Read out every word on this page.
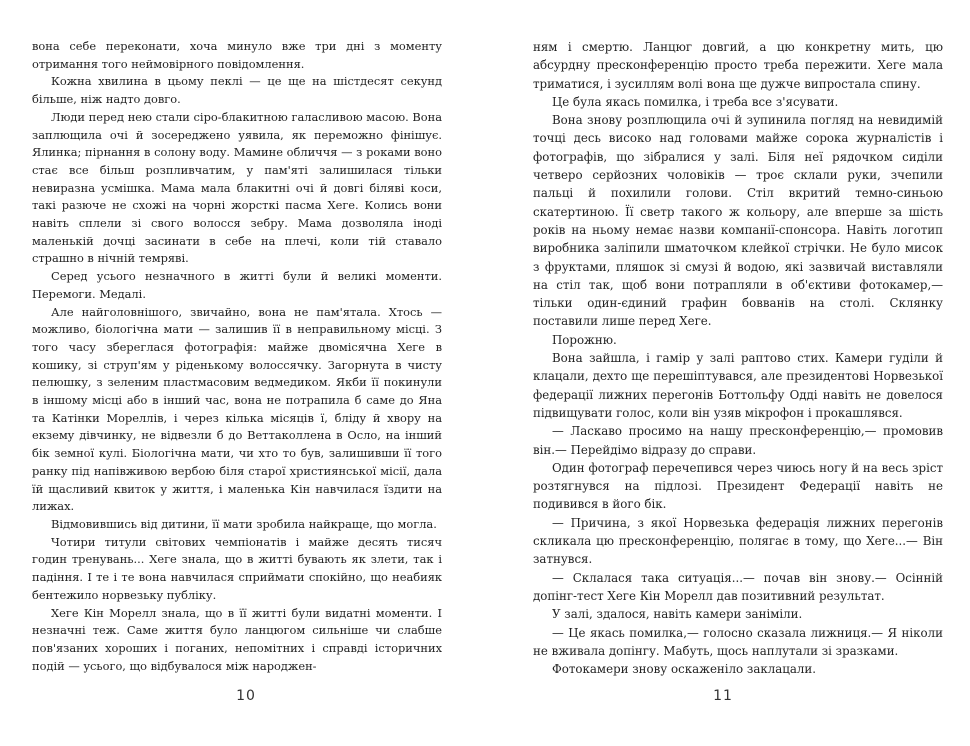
вона себе переконати, хоча минуло вже три дні з моменту отримання того неймовірного повідомлення.

Кожна хвилина в цьому пеклі — це ще на шістдесят секунд більше, ніж надто довго.

Люди перед нею стали сіро-блакитною галасливою масою. Вона заплющила очі й зосереджено уявила, як переможно фінішує. Ялинка; пірнання в солону воду. Мамине обличчя — з роками воно стає все більш розпливчатим, у пам'яті залишилася тільки невиразна усмішка. Мама мала блакитні очі й довгі біляві коси, такі разюче не схожі на чорні жорсткі пасма Хеге. Колись вони навіть сплели зі свого волосся зебру. Мама дозволяла іноді маленькій дочці засинати в себе на плечі, коли тій ставало страшно в нічній темряві.

Серед усього незначного в житті були й великі моменти. Перемоги. Медалі.

Але найголовнішого, звичайно, вона не пам'ятала. Хтось — можливо, біологічна мати — залишив її в неправильному місці. З того часу збереглася фотографія: майже двомісячна Хеге в кошику, зі струп'ям у ріденькому волоссячку. Загорнута в чисту пелюшку, з зеленим пластмасовим ведмедиком. Якби її покинули в іншому місці або в інший час, вона не потрапила б саме до Яна та Катінки Мореллів, і через кілька місяців ї, бліду й хвору на екзему дівчинку, не відвезли б до Веттаколлена в Осло, на інший бік земної кулі. Біологічна мати, чи хто то був, залишивши її того ранку під напівживою вербою біля старої християнської місії, дала їй щасливий квиток у життя, і маленька Кін навчилася їздити на лижах.

Відмовившись від дитини, її мати зробила найкраще, що могла.

Чотири титули світових чемпіонатів і майже десять тисяч годин тренувань... Хеге знала, що в житті бувають як злети, так і падіння. І те і те вона навчилася сприймати спокійно, що неабияк бентежило норвезьку публіку.

Хеге Кін Морелл знала, що в її житті були видатні моменти. І незначні теж. Саме життя було ланцюгом сильніше чи слабше пов'язаних хороших і поганих, непомітних і справді історичних подій — усього, що відбувалося між народжен-

ням і смертю. Ланцюг довгий, а цю конкретну мить, цю абсурдну пресконференцію просто треба пережити. Хеге мала триматися, і зусиллям волі вона ще дужче випростала спину.

Це була якась помилка, і треба все з'ясувати.

Вона знову розплющила очі й зупинила погляд на невидимій точці десь високо над головами майже сорока журналістів і фотографів, що зібралися у залі. Біля неї рядочком сиділи четверо серйозних чоловіків — троє склали руки, зчепили пальці й похилили голови. Стіл вкритий темно-синьою скатертиною. Її светр такого ж кольору, але вперше за шість років на ньому немає назви компанії-спонсора. Навіть логотип виробника заліпили шматочком клейкої стрічки. Не було мисок з фруктами, пляшок зі смузі й водою, які зазвичай виставляли на стіл так, щоб вони потрапляли в об'єктиви фотокамер,— тільки один-єдиний графин бовванів на столі. Склянку поставили лише перед Хеге.

Порожню.

Вона зайшла, і гамір у залі раптово стих. Камери гуділи й клацали, дехто ще перешіптувався, але президентові Норвезької федерації лижних перегонів Боттольфу Одді навіть не довелося підвищувати голос, коли він узяв мікрофон і прокашлявся.

— Ласкаво просимо на нашу пресконференцію,— промовив він.— Перейдімо відразу до справи.

Один фотограф перечепився через чиюсь ногу й на весь зріст розтягнувся на підлозі. Президент Федерації навіть не подивився в його бік.

— Причина, з якої Норвезька федерація лижних перегонів скликала цю пресконференцію, полягає в тому, що Хеге...— Він затнувся.

— Склалася така ситуація...— почав він знову.— Осінній допінг-тест Хеге Кін Морелл дав позитивний результат.

У залі, здалося, навіть камери заніміли.

— Це якась помилка,— голосно сказала лижниця.— Я ніколи не вживала допінгу. Мабуть, щось наплутали зі зразками.

Фотокамери знову оскаженіло заклацали.

10	11
